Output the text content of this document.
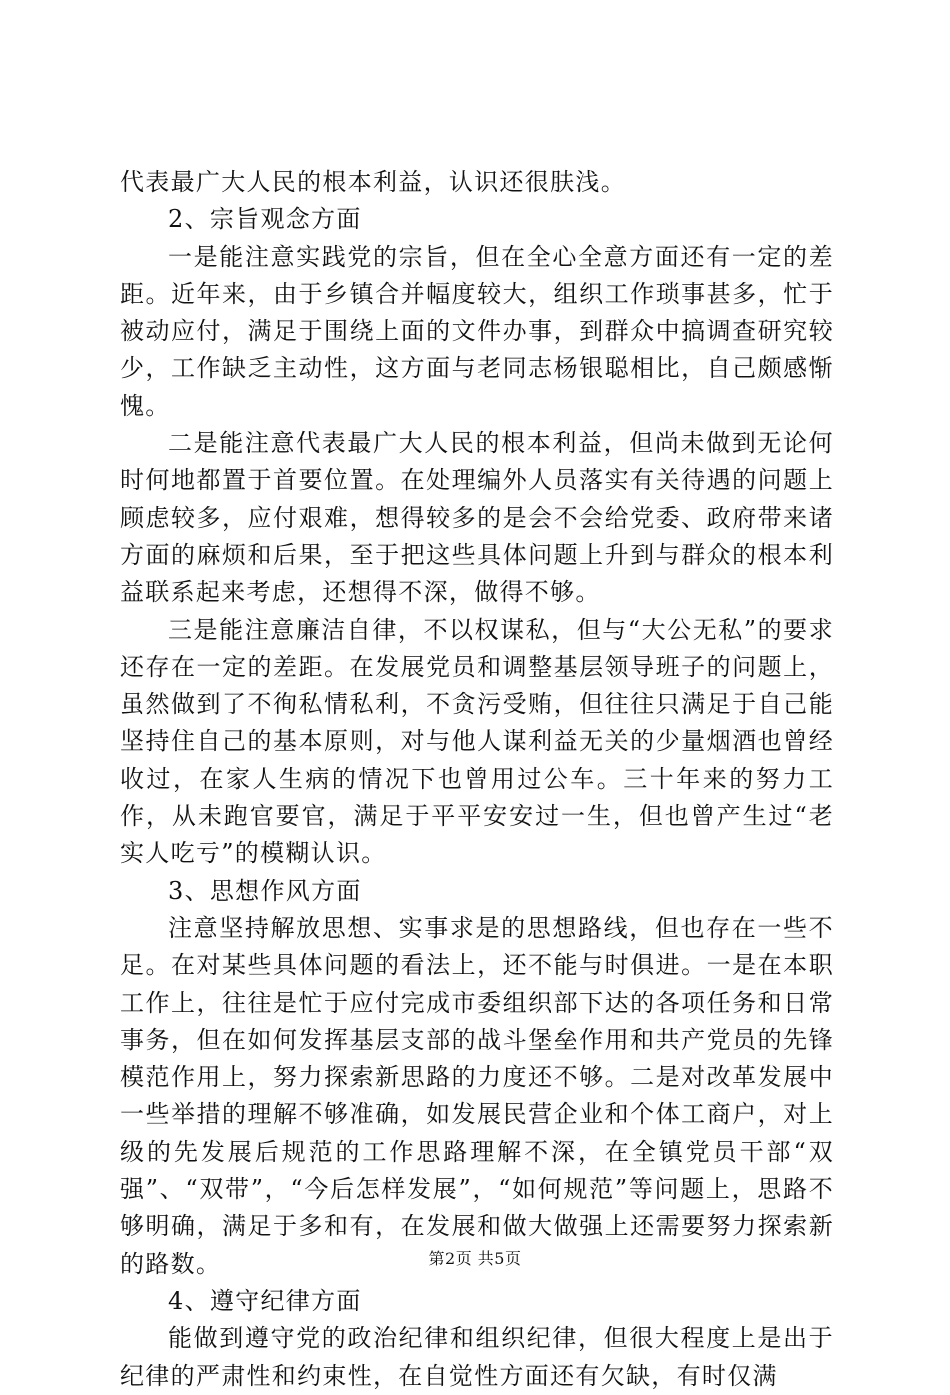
代表最广大人民的根本利益，认识还很肤浅。

2、宗旨观念方面

一是能注意实践党的宗旨，但在全心全意方面还有一定的差距。近年来，由于乡镇合并幅度较大，组织工作琐事甚多，忙于被动应付，满足于围绕上面的文件办事，到群众中搞调查研究较少，工作缺乏主动性，这方面与老同志杨银聪相比，自己颇感惭愧。

二是能注意代表最广大人民的根本利益，但尚未做到无论何时何地都置于首要位置。在处理编外人员落实有关待遇的问题上顾虑较多，应付艰难，想得较多的是会不会给党委、政府带来诸方面的麻烦和后果，至于把这些具体问题上升到与群众的根本利益联系起来考虑，还想得不深，做得不够。

三是能注意廉洁自律，不以权谋私，但与“大公无私”的要求还存在一定的差距。在发展党员和调整基层领导班子的问题上，虽然做到了不徇私情私利，不贪污受贿，但往往只满足于自己能坚持住自己的基本原则，对与他人谋利益无关的少量烟酒也曾经收过，在家人生病的情况下也曾用过公车。三十年来的努力工作，从未跑官要官，满足于平平安安过一生，但也曾产生过“老实人吃亏”的模糊认识。

3、思想作风方面

注意坚持解放思想、实事求是的思想路线，但也存在一些不足。在对某些具体问题的看法上，还不能与时俱进。一是在本职工作上，往往是忙于应付完成市委组织部下达的各项任务和日常事务，但在如何发挥基层支部的战斗堡垒作用和共产党员的先锋模范作用上，努力探索新思路的力度还不够。二是对改革发展中一些举措的理解不够准确，如发展民营企业和个体工商户，对上级的先发展后规范的工作思路理解不深，在全镇党员干部“双强”、“双带”，“今后怎样发展”，“如何规范”等问题上，思路不够明确，满足于多和有，在发展和做大做强上还需要努力探索新的路数。

4、遵守纪律方面

能做到遵守党的政治纪律和组织纪律，但很大程度上是出于纪律的严肃性和约束性，在自觉性方面还有欠缺，有时仅满

第2页 共5页
